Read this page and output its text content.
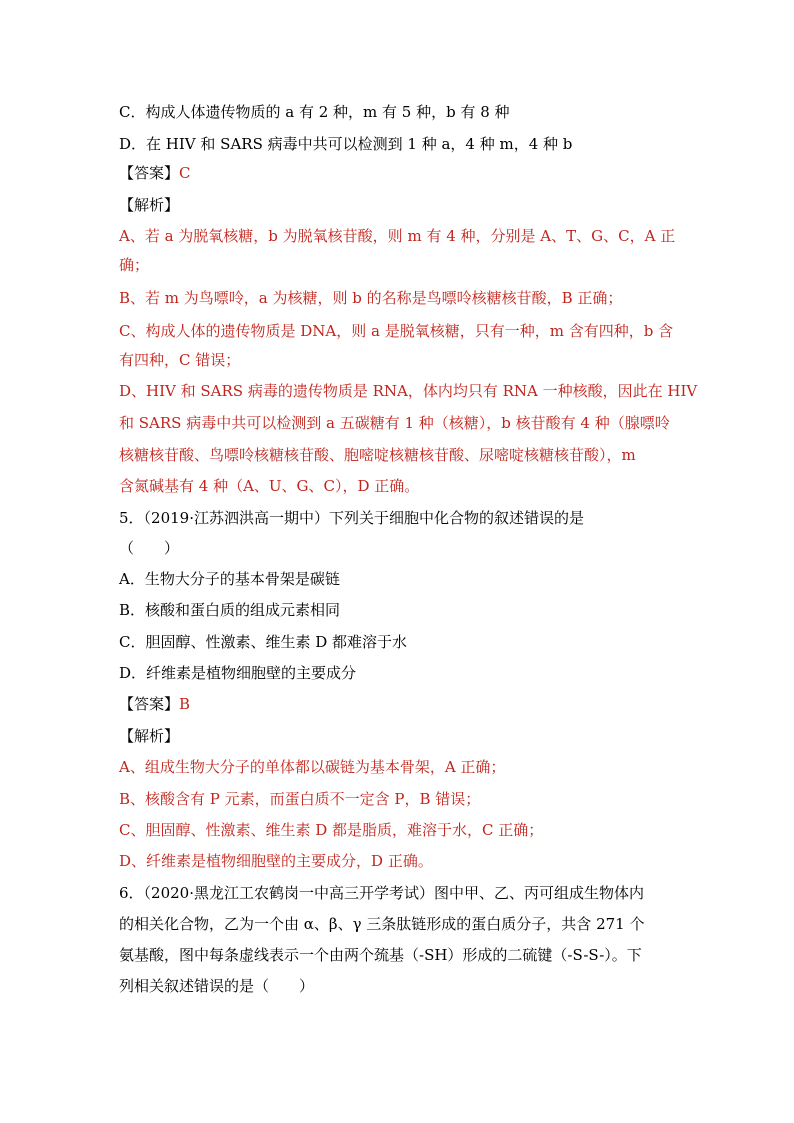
C．构成人体遗传物质的 a 有 2 种，m 有 5 种，b 有 8 种
D．在 HIV 和 SARS 病毒中共可以检测到 1 种 a，4 种 m，4 种 b
【答案】C
【解析】
A、若 a 为脱氧核糖，b 为脱氧核苷酸，则 m 有 4 种，分别是 A、T、G、C，A 正
确；
B、若 m 为鸟嘌呤，a 为核糖，则 b 的名称是鸟嘌呤核糖核苷酸，B 正确；
C、构成人体的遗传物质是 DNA，则 a 是脱氧核糖，只有一种，m 含有四种，b 含
有四种，C 错误；
D、HIV 和 SARS 病毒的遗传物质是 RNA，体内均只有 RNA 一种核酸，因此在 HIV
和 SARS 病毒中共可以检测到 a 五碳糖有 1 种（核糖），b 核苷酸有 4 种（腺嘌呤
核糖核苷酸、鸟嘌呤核糖核苷酸、胞嘧啶核糖核苷酸、尿嘧啶核糖核苷酸），m
含氮碱基有 4 种（A、U、G、C），D 正确。
5．（2019·江苏泗洪高一期中）下列关于细胞中化合物的叙述错误的是
（　　）
A．生物大分子的基本骨架是碳链
B．核酸和蛋白质的组成元素相同
C．胆固醇、性激素、维生素 D 都难溶于水
D．纤维素是植物细胞壁的主要成分
【答案】B
【解析】
A、组成生物大分子的单体都以碳链为基本骨架，A 正确；
B、核酸含有 P 元素，而蛋白质不一定含 P，B 错误；
C、胆固醇、性激素、维生素 D 都是脂质，难溶于水，C 正确；
D、纤维素是植物细胞壁的主要成分，D 正确。
6．（2020·黑龙江工农鹤岗一中高三开学考试）图中甲、乙、丙可组成生物体内
的相关化合物，乙为一个由 α、β、γ 三条肽链形成的蛋白质分子，共含 271 个
氨基酸，图中每条虚线表示一个由两个巯基（-SH）形成的二硫键（-S-S-）。下
列相关叙述错误的是（　　）
